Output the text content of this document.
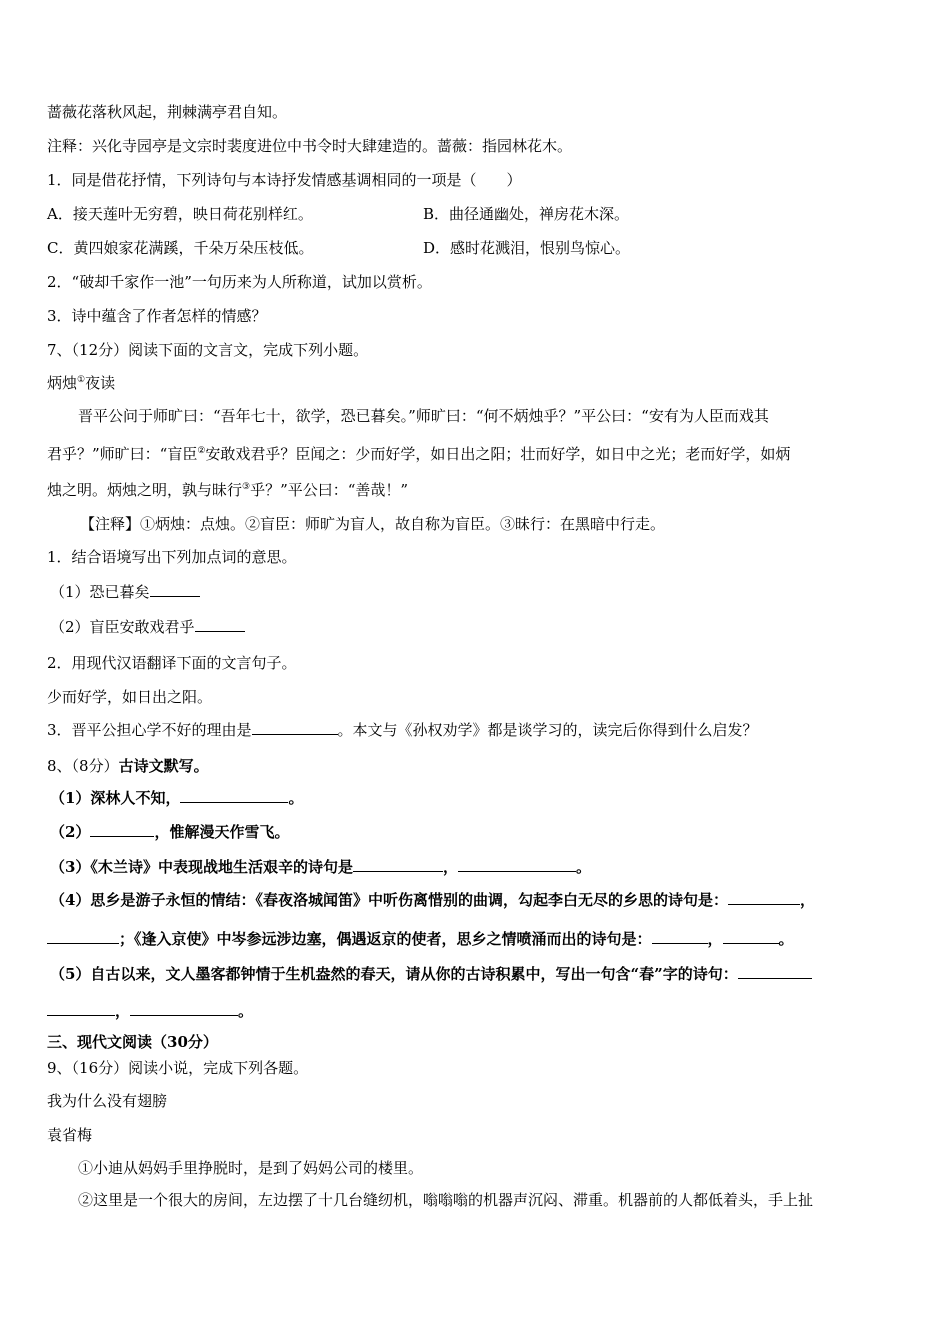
蔷薇花落秋风起，荆棘满亭君自知。
注释：兴化寺园亭是文宗时裴度进位中书令时大肆建造的。蔷薇：指园林花木。
1．同是借花抒情，下列诗句与本诗抒发情感基调相同的一项是（　　）
A．接天莲叶无穷碧，映日荷花别样红。	B．曲径通幽处，禅房花木深。
C．黄四娘家花满蹊，千朵万朵压枝低。	D．感时花溅泪，恨别鸟惊心。
2．“破却千家作一池”一句历来为人所称道，试加以赏析。
3．诗中蕴含了作者怎样的情感？
7、（12分）阅读下面的文言文，完成下列小题。
炳烛①夜读
晋平公问于师旷曰：“吾年七十，欲学，恐已暮矣。”师旷曰：“何不炳烛乎？”平公曰：“安有为人臣而戏其
君乎？”师旷曰：“盲臣②安敢戏君乎？臣闻之：少而好学，如日出之阳；壮而好学，如日中之光；老而好学，如炳
烛之明。炳烛之明，孰与昧行③乎？”平公曰：“善哉！”
【注释】①炳烛：点烛。②盲臣：师旷为盲人，故自称为盲臣。③昧行：在黑暗中行走。
1．结合语境写出下列加点词的意思。
（1）恐已暮矣
（2）盲臣安敢戏君乎
2．用现代汉语翻译下面的文言句子。
少而好学，如日出之阳。
3．晋平公担心学不好的理由是	。本文与《孙权劝学》都是谈学习的，读完后你得到什么启发？
8、（8分）古诗文默写。
（1）深林人不知，	。
（2）	，惟解漫天作雪飞。
（3）《木兰诗》中表现战地生活艰辛的诗句是	，	。
（4）思乡是游子永恒的情结：《春夜洛城闻笛》中听伤离惜别的曲调，勾起李白无尽的乡思的诗句是：	，
；《逢入京使》中岑参远涉边塞，偶遇返京的使者，思乡之情喷涌而出的诗句是：	，	。
（5）自古以来，文人墨客都钟情于生机盎然的春天，请从你的古诗积累中，写出一句含“春”字的诗句：
，	。
三、现代文阅读（30分）
9、（16分）阅读小说，完成下列各题。
我为什么没有翅膀
袁省梅
①小迪从妈妈手里挣脱时，是到了妈妈公司的楼里。
②这里是一个很大的房间，左边摆了十几台缝纫机，嗡嗡嗡的机器声沉闷、滞重。机器前的人都低着头，手上扯
